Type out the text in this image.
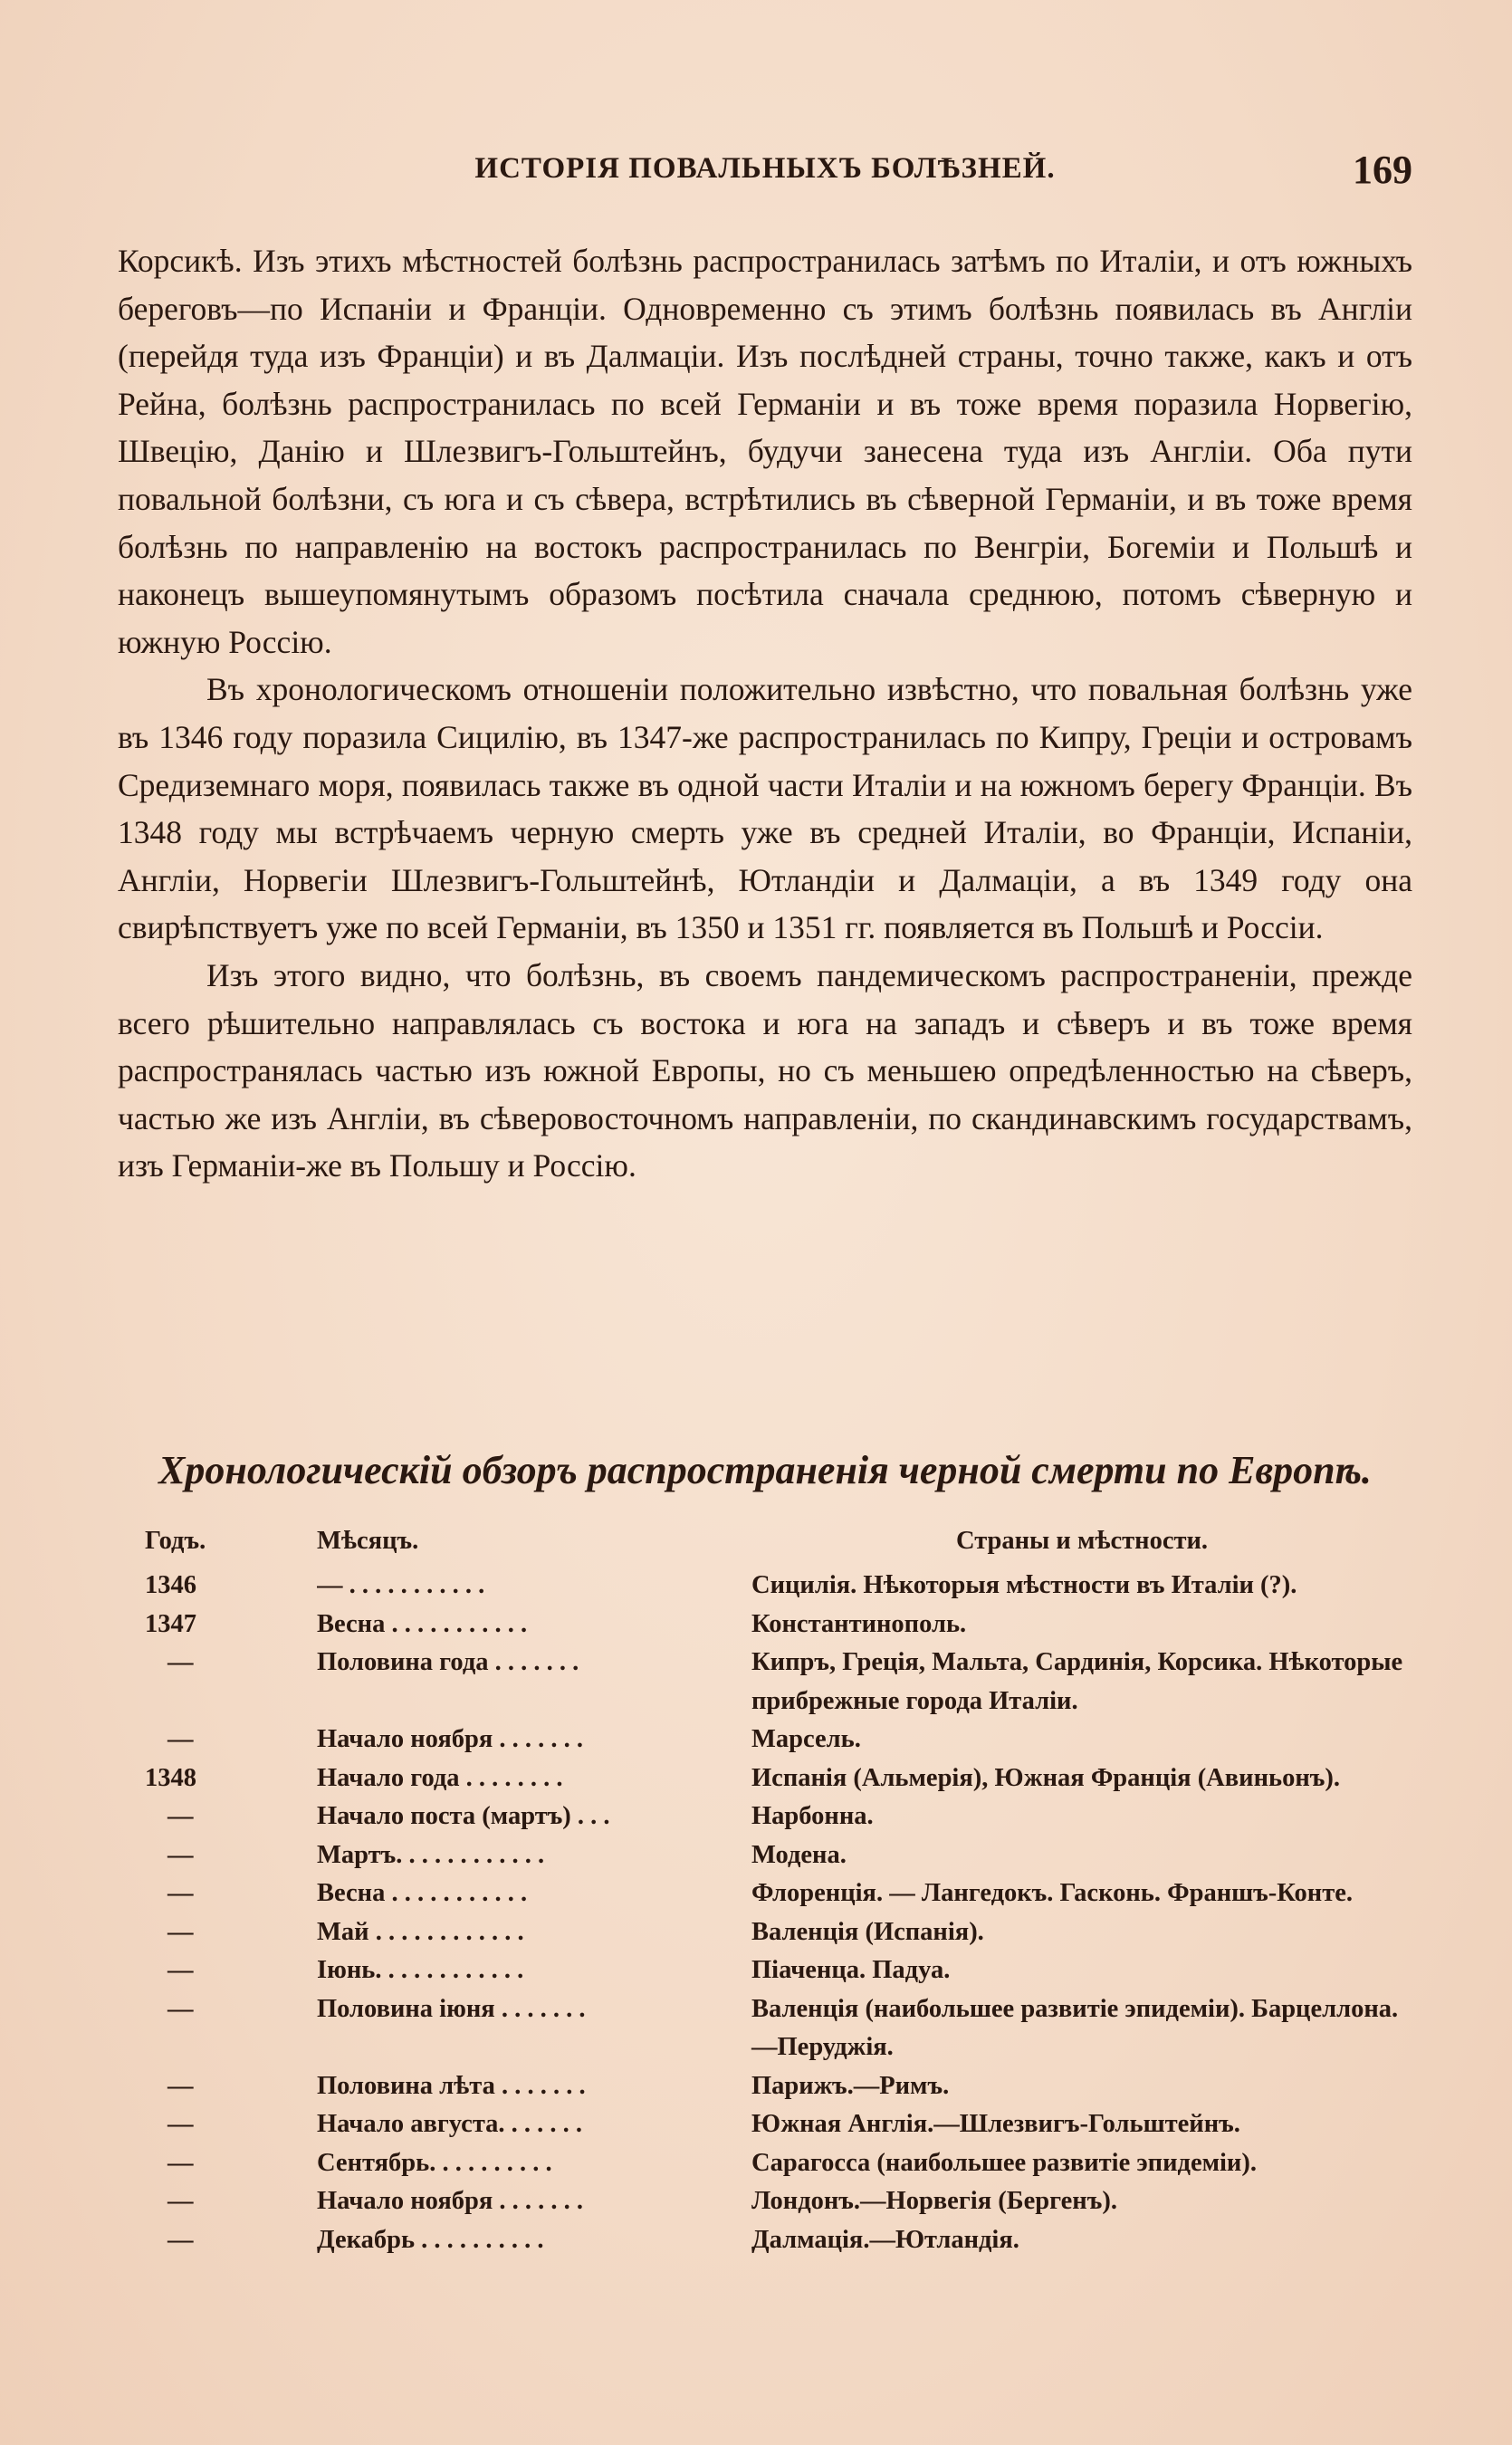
ИСТОРІЯ ПОВАЛЬНЫХЪ БОЛѢЗНЕЙ.	169

Корсикѣ. Изъ этихъ мѣстностей болѣзнь распространилась затѣмъ по Италіи, и отъ южныхъ береговъ—по Испаніи и Франціи. Одновременно съ этимъ болѣзнь появилась въ Англіи (перейдя туда изъ Франціи) и въ Далмаціи. Изъ послѣдней страны, точно также, какъ и отъ Рейна, болѣзнь распространилась по всей Германіи и въ тоже время поразила Норвегію, Швецію, Данію и Шлезвигъ-Гольштейнъ, будучи занесена туда изъ Англіи. Оба пути повальной болѣзни, съ юга и съ сѣвера, встрѣтились въ сѣверной Германіи, и въ тоже время болѣзнь по направленію на востокъ распространилась по Венгріи, Богеміи и Польшѣ и наконецъ вышеупомянутымъ образомъ посѣтила сначала среднюю, потомъ сѣверную и южную Россію.

Въ хронологическомъ отношеніи положительно извѣстно, что повальная болѣзнь уже въ 1346 году поразила Сицилію, въ 1347-же распространилась по Кипру, Греціи и островамъ Средиземнаго моря, появилась также въ одной части Италіи и на южномъ берегу Франціи. Въ 1348 году мы встрѣчаемъ черную смерть уже въ средней Италіи, во Франціи, Испаніи, Англіи, Норвегіи Шлезвигъ-Гольштейнѣ, Ютландіи и Далмаціи, а въ 1349 году она свирѣпствуетъ уже по всей Германіи, въ 1350 и 1351 гг. появляется въ Польшѣ и Россіи.

Изъ этого видно, что болѣзнь, въ своемъ пандемическомъ распространеніи, прежде всего рѣшительно направлялась съ востока и юга на западъ и сѣверъ и въ тоже время распространялась частью изъ южной Европы, но съ меньшею опредѣленностью на сѣверъ, частью же изъ Англіи, въ сѣверовосточномъ направленіи, по скандинавскимъ государствамъ, изъ Германіи-же въ Польшу и Россію.

Хронологическій обзоръ распространенія черной смерти по Европѣ.
Годъ.	Мѣсяцъ.	Страны и мѣстности.
1346	— . . . . . . . . . . .	Сицилія. Нѣкоторыя мѣстности въ Италіи (?).
1347	Весна . . . . . . . . . . .	Константинополь.
—	Половина года . . . . . . .	Кипръ, Греція, Мальта, Сардинія, Корсика. Нѣкоторые прибрежные города Италіи.
—	Начало ноября . . . . . . .	Марсель.
1348	Начало года . . . . . . . .	Испанія (Альмерія), Южная Франція (Авиньонъ).
—	Начало поста (мартъ) . . .	Нарбонна.
—	Мартъ. . . . . . . . . . . .	Модена.
—	Весна . . . . . . . . . . .	Флоренція. — Лангедокъ. Гасконь. Франшъ-Конте.
—	Май . . . . . . . . . . . .	Валенція (Испанія).
—	Іюнь. . . . . . . . . . . .	Піаченца. Падуа.
—	Половина іюня . . . . . . .	Валенція (наибольшее развитіе эпидеміи). Барцеллона.—Перуджія.
—	Половина лѣта . . . . . . .	Парижъ.—Римъ.
—	Начало августа. . . . . . .	Южная Англія.—Шлезвигъ-Гольштейнъ.
—	Сентябрь. . . . . . . . . .	Сарагосса (наибольшее развитіе эпидеміи).
—	Начало ноября . . . . . . .	Лондонъ.—Норвегія (Бергенъ).
—	Декабрь . . . . . . . . . .	Далмація.—Ютландія.
